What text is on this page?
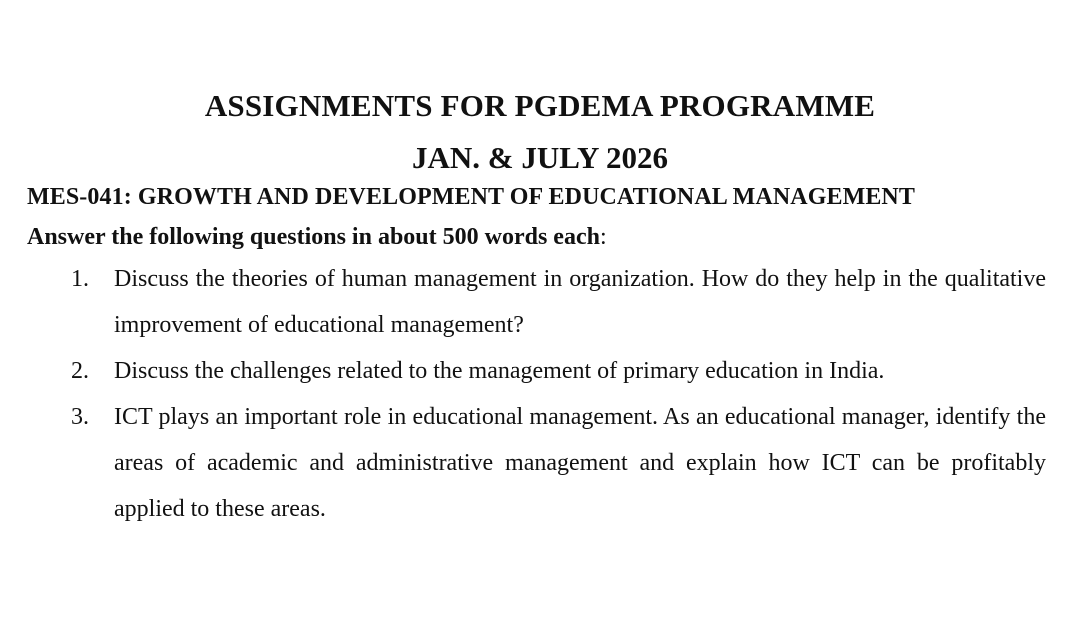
ASSIGNMENTS FOR PGDEMA PROGRAMME
JAN. & JULY 2026

MES-041: GROWTH AND DEVELOPMENT OF EDUCATIONAL MANAGEMENT

Answer the following questions in about 500 words each:

1. Discuss the theories of human management in organization. How do they help in the qualitative improvement of educational management?
2. Discuss the challenges related to the management of primary education in India.
3. ICT plays an important role in educational management. As an educational manager, identify the areas of academic and administrative management and explain how ICT can be profitably applied to these areas.
